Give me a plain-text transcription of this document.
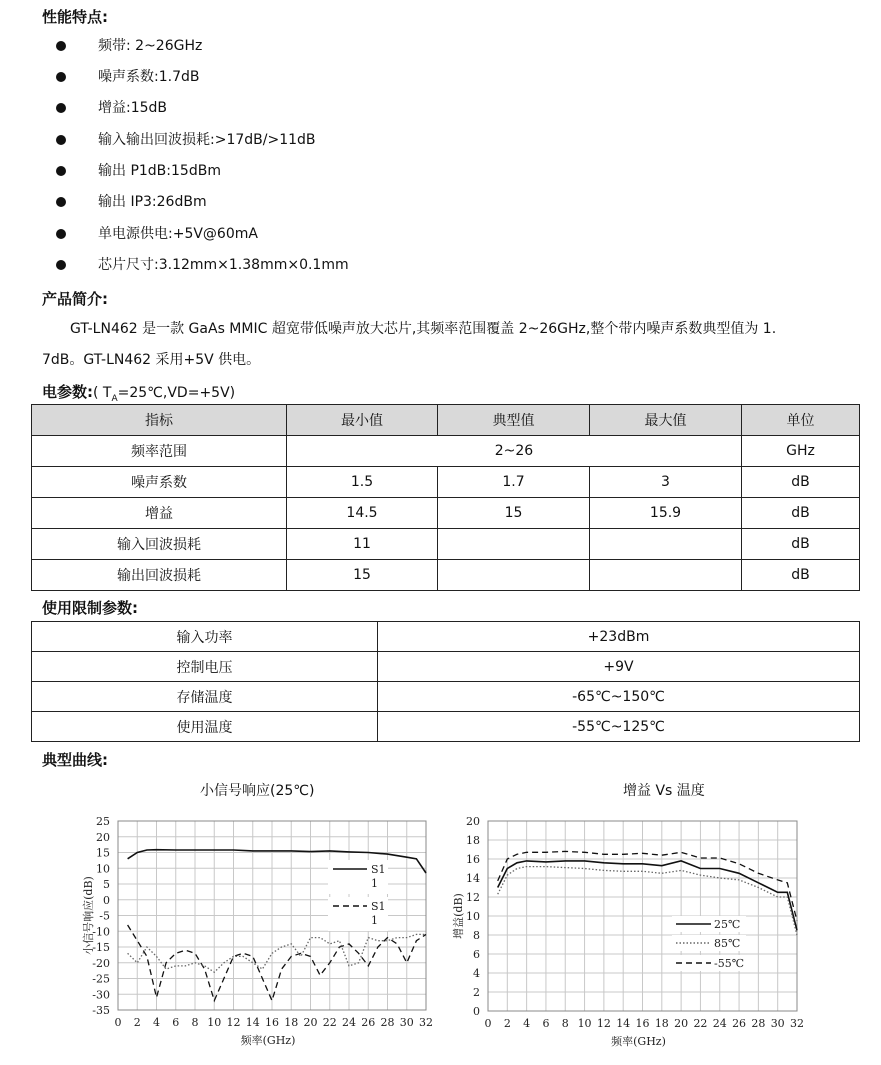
性能特点:
频带: 2~26GHz
噪声系数:1.7dB
增益:15dB
输入输出回波损耗:>17dB/>11dB
输出 P1dB:15dBm
输出 IP3:26dBm
单电源供电:+5V@60mA
芯片尺寸:3.12mm×1.38mm×0.1mm
产品简介:
GT-LN462 是一款 GaAs MMIC 超宽带低噪声放大芯片,其频率范围覆盖 2~26GHz,整个带内噪声系数典型值为 1.
7dB。GT-LN462 采用+5V 供电。
电参数:( $T_A=25℃,VD=+5V$)
指标	最小值	典型值	最大值	单位
频率范围	2~26			GHz
噪声系数	1.5	1.7	3	dB
增益	14.5	15	15.9	dB
输入回波损耗	11			dB
输出回波损耗	15			dB
使用限制参数:
输入功率	+23dBm
控制电压	+9V
存储温度	-65℃~150℃
使用温度	-55℃~125℃
典型曲线:
小信号响应(25℃)
0 2 4 6 8 10 12 14 16 18 20 22 24 26 28 30 32
-35
-30
-25
-20
-15
-10
-5
0
5
10
15
20
25
频率(GHz)
小信号响应(dB)
S1
1
S1
1
增益 Vs 温度
0 2 4 6 8 10 12 14 16 18 20 22 24 26 28 30 32
0
2
4
6
8
10
12
14
16
18
20
频率(GHz)
增益(dB)	25℃
85℃
-55℃
